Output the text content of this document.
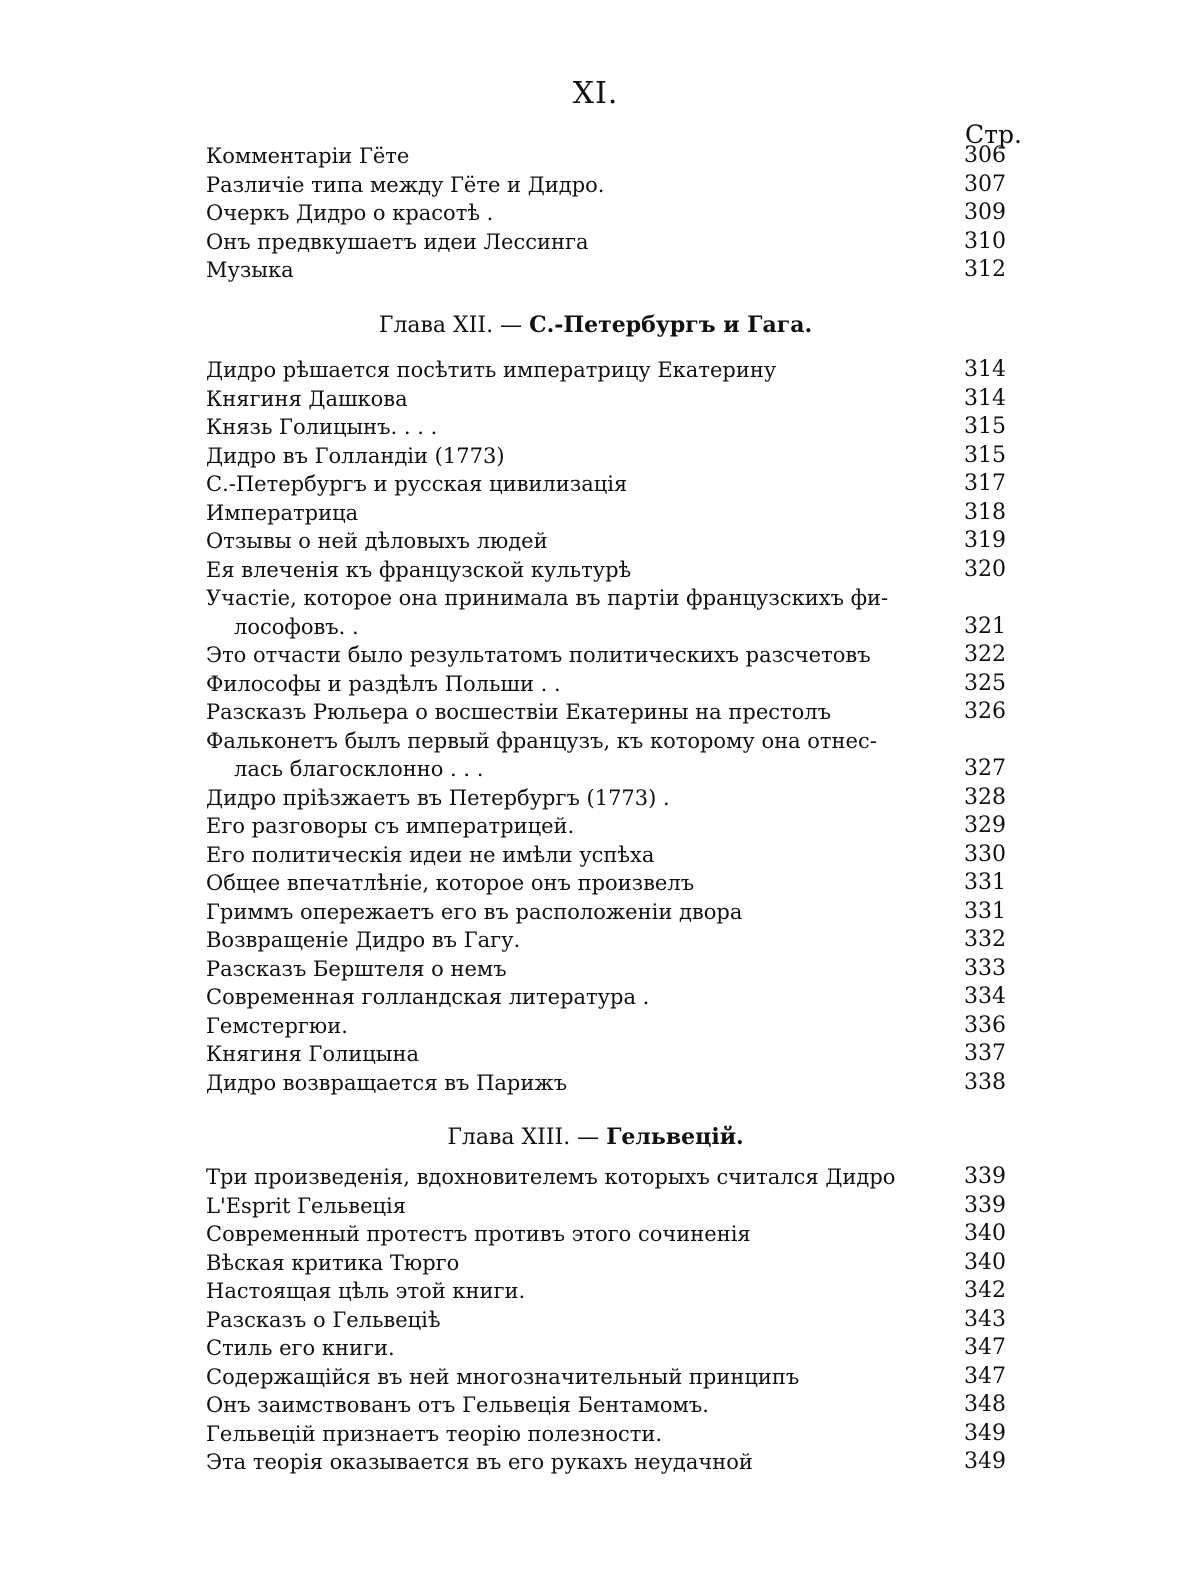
XI.
Стр.
Комментаріи Гёте	306
Различіе типа между Гёте и Дидро.	307
Очеркъ Дидро о красотѣ .	309
Онъ предвкушаетъ идеи Лессинга	310
Музыка	312
Глава XII. — С.-Петербургъ и Гага.
Дидро рѣшается посѣтить императрицу Екатерину	314
Княгиня Дашкова	314
Князь Голицынъ. . . .	315
Дидро въ Голландіи (1773)	315
С.-Петербургъ и русская цивилизація	317
Императрица	318
Отзывы о ней дѣловыхъ людей	319
Ея влеченія къ французской культурѣ	320
Участіе, которое она принимала въ партіи французскихъ фи-
лософовъ. .	321
Это отчасти было результатомъ политическихъ разсчетовъ	322
Философы и раздѣлъ Польши . .	325
Разсказъ Рюльера о восшествіи Екатерины на престолъ	326
Фальконетъ былъ первый французъ, къ которому она отнес-
лась благосклонно . . .	327
Дидро пріѣзжаетъ въ Петербургъ (1773) .	328
Его разговоры съ императрицей.	329
Его политическія идеи не имѣли успѣха	330
Общее впечатлѣніе, которое онъ произвелъ	331
Гриммъ опережаетъ его въ расположеніи двора	331
Возвращеніе Дидро въ Гагу.	332
Разсказъ Берштеля о немъ	333
Современная голландская литература .	334
Гемстергюи.	336
Княгиня Голицына	337
Дидро возвращается въ Парижъ	338
Глава XIII. — Гельвецій.
Три произведенія, вдохновителемъ которыхъ считался Дидро	339
L'Esprit Гельвеція	339
Современный протестъ противъ этого сочиненія	340
Вѣская критика Тюрго	340
Настоящая цѣль этой книги.	342
Разсказъ о Гельвеціѣ	343
Стиль его книги.	347
Содержащійся въ ней многозначительный принципъ	347
Онъ заимствованъ отъ Гельвеція Бентамомъ.	348
Гельвецій признаетъ теорію полезности.	349
Эта теорія оказывается въ его рукахъ неудачной	349
